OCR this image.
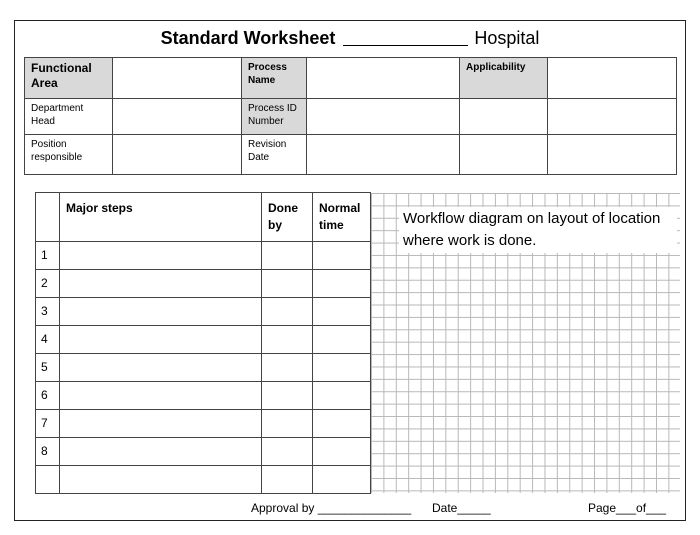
Standard Worksheet	Hospital
Functional Area		Process Name		Applicability	
Department Head		Process ID Number			
Position responsible		Revision Date			
	Major steps	Done by	Normal time
1			
2			
3			
4			
5			
6			
7			
8			

Workflow diagram on layout of location where work is done.
Approval by ______________ Date_____	Page___of___
